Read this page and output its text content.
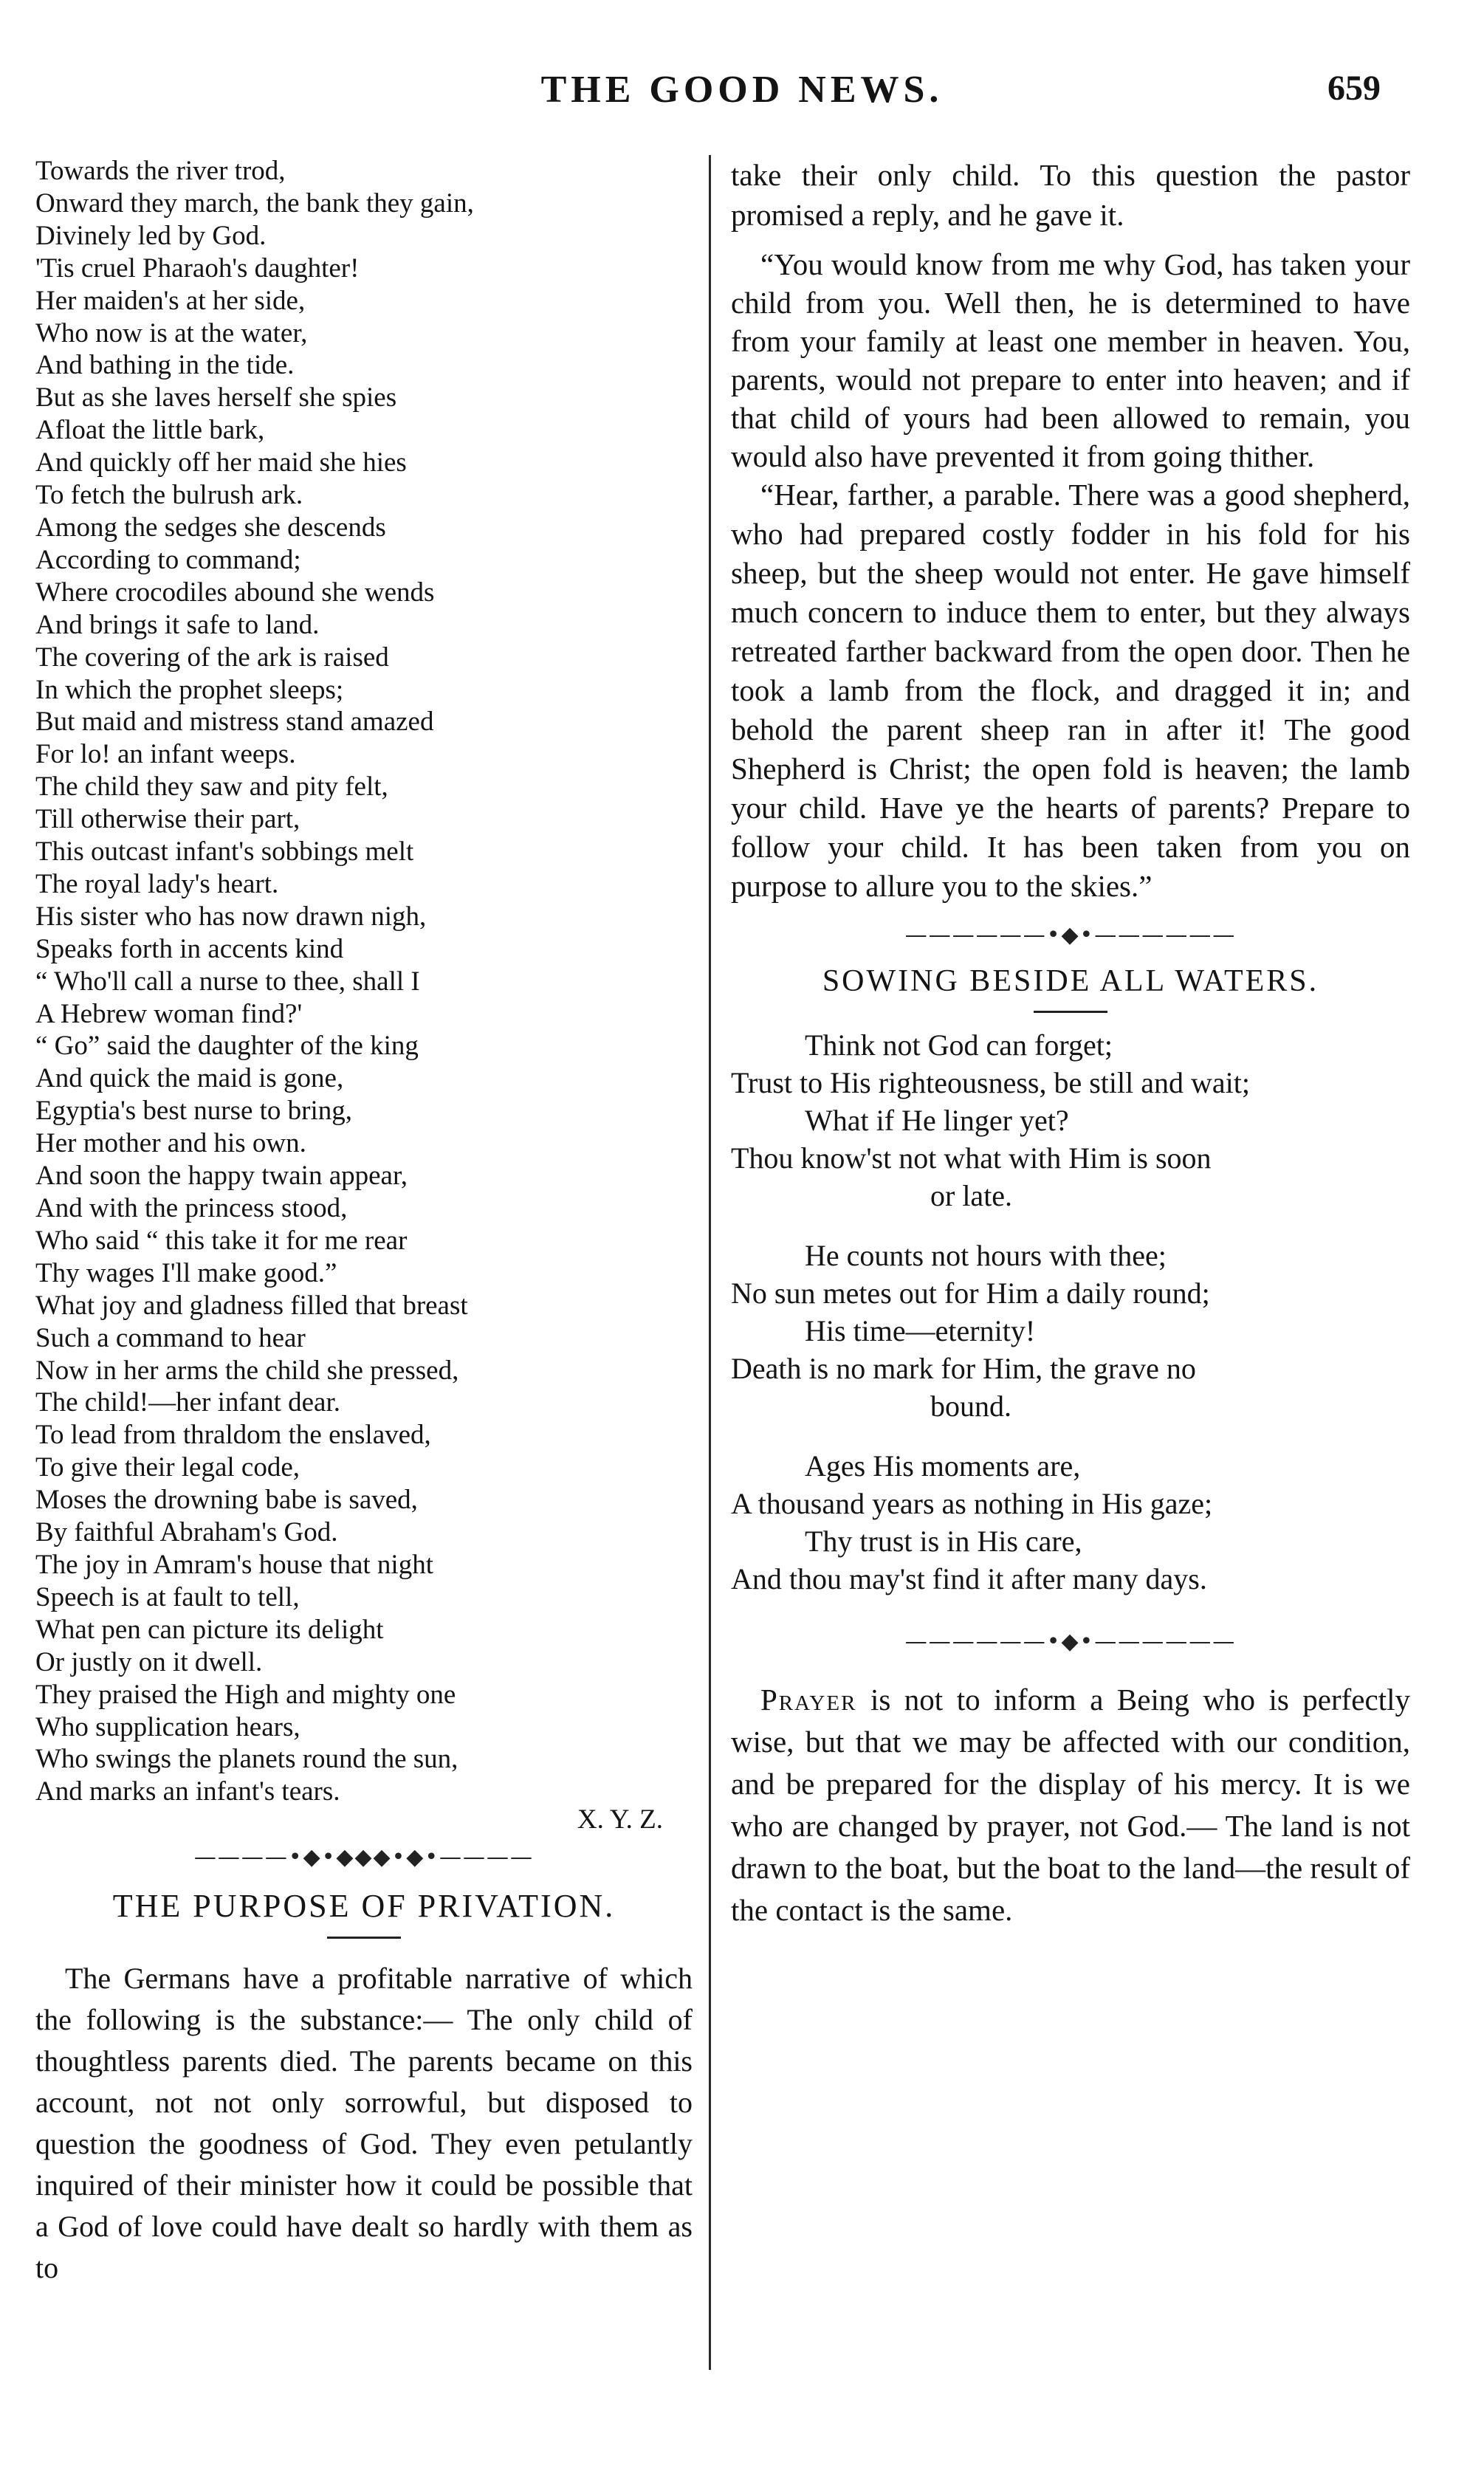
THE GOOD NEWS.	659
Towards the river trod,
Onward they march, the bank they gain,
Divinely led by God.
'Tis cruel Pharaoh's daughter!
Her maiden's at her side,
Who now is at the water,
And bathing in the tide.
But as she laves herself she spies
Afloat the little bark,
And quickly off her maid she hies
To fetch the bulrush ark.
Among the sedges she descends
According to command;
Where crocodiles abound she wends
And brings it safe to land.
The covering of the ark is raised
In which the prophet sleeps;
But maid and mistress stand amazed
For lo! an infant weeps.
The child they saw and pity felt,
Till otherwise their part,
This outcast infant's sobbings melt
The royal lady's heart.
His sister who has now drawn nigh,
Speaks forth in accents kind
“ Who'll call a nurse to thee, shall I
A Hebrew woman find?'
“ Go” said the daughter of the king
And quick the maid is gone,
Egyptia's best nurse to bring,
Her mother and his own.
And soon the happy twain appear,
And with the princess stood,
Who said “ this take it for me rear
Thy wages I'll make good.”
What joy and gladness filled that breast
Such a command to hear
Now in her arms the child she pressed,
The child!—her infant dear.
To lead from thraldom the enslaved,
To give their legal code,
Moses the drowning babe is saved,
By faithful Abraham's God.
The joy in Amram's house that night
Speech is at fault to tell,
What pen can picture its delight
Or justly on it dwell.
They praised the High and mighty one
Who supplication hears,
Who swings the planets round the sun,
And marks an infant's tears.
X. Y. Z.
————•◆•◆◆◆•◆•————
THE PURPOSE OF PRIVATION.

The Germans have a profitable narrative of which the following is the substance:— The only child of thoughtless parents died. The parents became on this account, not not only sorrowful, but disposed to question the goodness of God. They even petulantly inquired of their minister how it could be possible that a God of love could have dealt so hardly with them as to

take their only child. To this question the pastor promised a reply, and he gave it.

“You would know from me why God, has taken your child from you. Well then, he is determined to have from your family at least one member in heaven. You, parents, would not prepare to enter into heaven; and if that child of yours had been allowed to remain, you would also have prevented it from going thither.

“Hear, farther, a parable. There was a good shepherd, who had prepared costly fodder in his fold for his sheep, but the sheep would not enter. He gave himself much concern to induce them to enter, but they always retreated farther backward from the open door. Then he took a lamb from the flock, and dragged it in; and behold the parent sheep ran in after it! The good Shepherd is Christ; the open fold is heaven; the lamb your child. Have ye the hearts of parents? Prepare to follow your child. It has been taken from you on purpose to allure you to the skies.”

——————•◆•——————
SOWING BESIDE ALL WATERS.
Think not God can forget;
Trust to His righteousness, be still and wait;
What if He linger yet?
Thou know'st not what with Him is soon
or late.
He counts not hours with thee;
No sun metes out for Him a daily round;
His time—eternity!
Death is no mark for Him, the grave no
bound.
Ages His moments are,
A thousand years as nothing in His gaze;
Thy trust is in His care,
And thou may'st find it after many days.
——————•◆•——————

Prayer is not to inform a Being who is perfectly wise, but that we may be affected with our condition, and be prepared for the display of his mercy. It is we who are changed by prayer, not God.— The land is not drawn to the boat, but the boat to the land—the result of the contact is the same.
